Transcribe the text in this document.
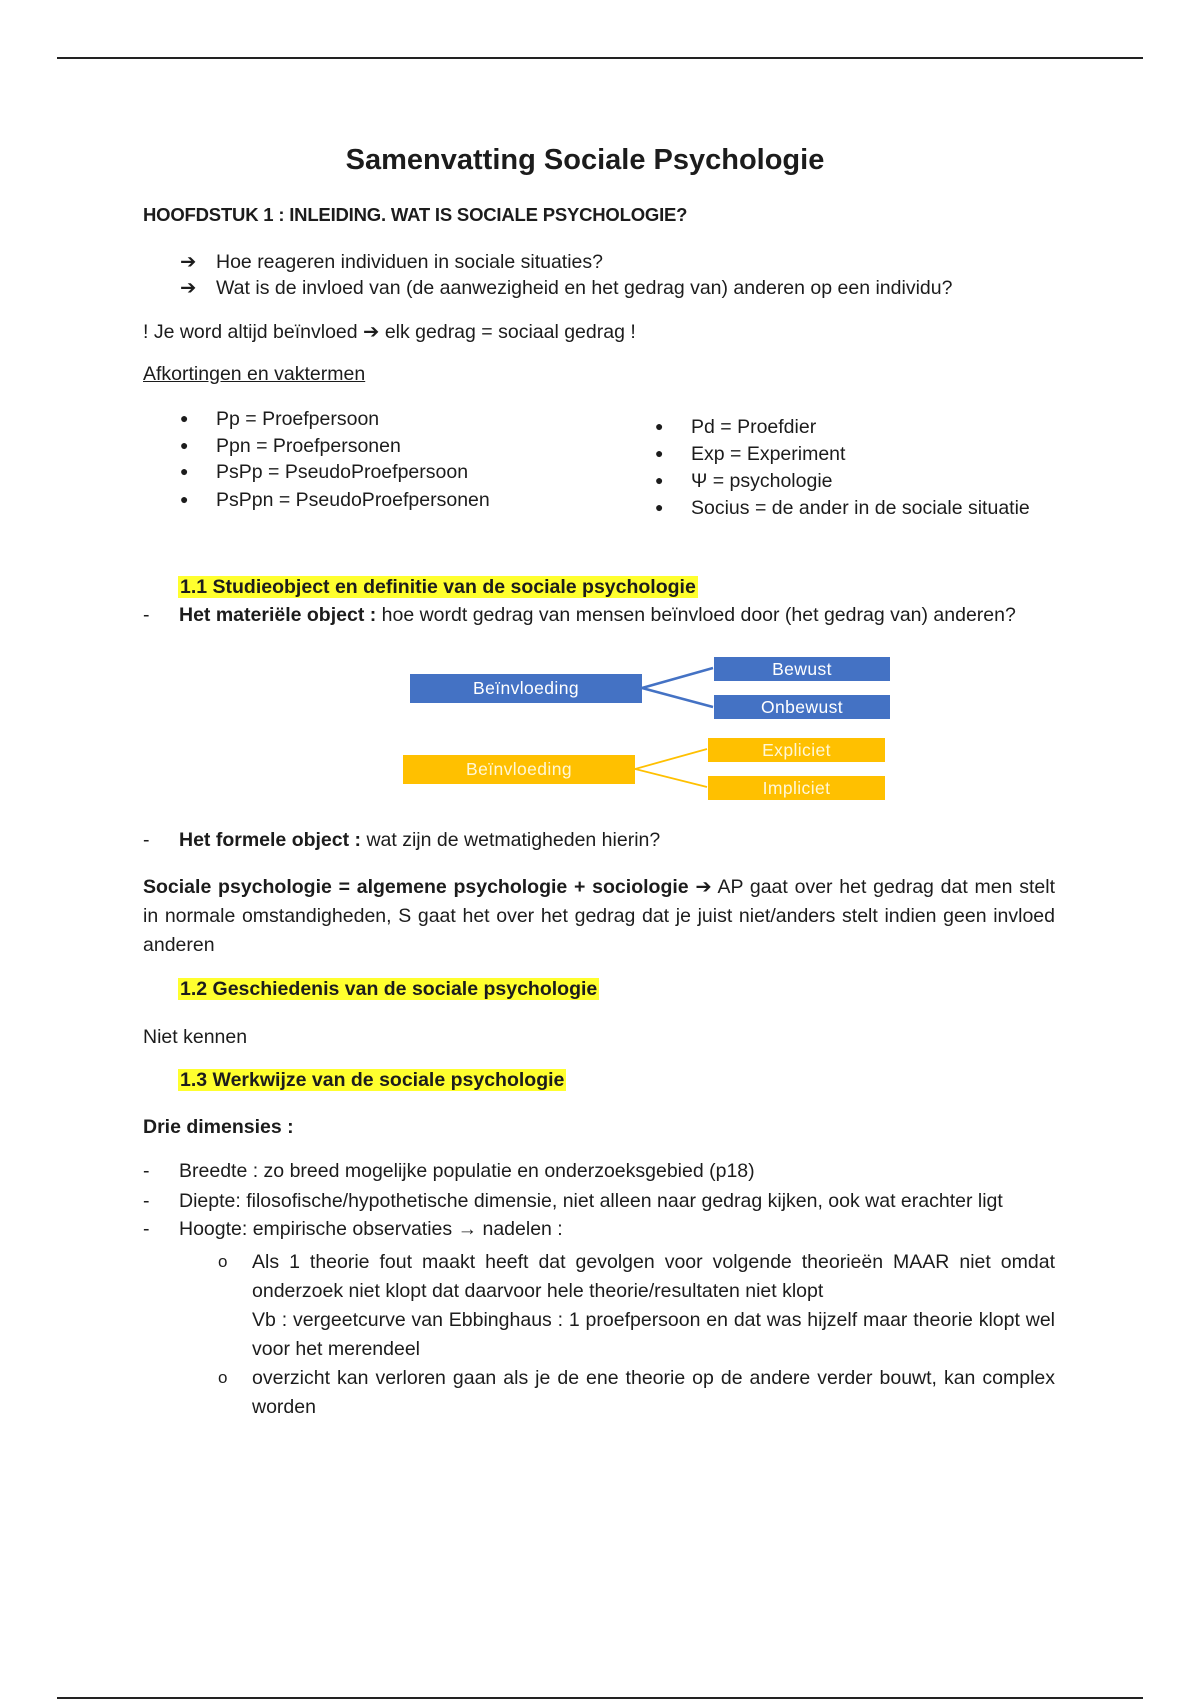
Samenvatting Sociale Psychologie
HOOFDSTUK 1 : INLEIDING. WAT IS SOCIALE PSYCHOLOGIE?
➔ Hoe reageren individuen in sociale situaties?
➔ Wat is de invloed van (de aanwezigheid en het gedrag van) anderen op een individu?
! Je word altijd beïnvloed ➔ elk gedrag = sociaal gedrag !
Afkortingen en vaktermen
● Pp = Proefpersoon
● Ppn = Proefpersonen
● PsPp = PseudoProefpersoon
● PsPpn = PseudoProefpersonen
● Pd = Proefdier
● Exp = Experiment
● Ψ = psychologie
● Socius = de ander in de sociale situatie
1.1 Studieobject en definitie van de sociale psychologie
- Het materiële object : hoe wordt gedrag van mensen beïnvloed door (het gedrag van) anderen?
Beïnvloeding
Bewust
Onbewust
Beïnvloeding
Expliciet
Impliciet
- Het formele object : wat zijn de wetmatigheden hierin?
Sociale psychologie = algemene psychologie + sociologie ➔ AP gaat over het gedrag dat men stelt in normale omstandigheden, S gaat het over het gedrag dat je juist niet/anders stelt indien geen invloed anderen
1.2 Geschiedenis van de sociale psychologie
Niet kennen
1.3 Werkwijze van de sociale psychologie
Drie dimensies :
- Breedte : zo breed mogelijke populatie en onderzoeksgebied (p18)
- Diepte: filosofische/hypothetische dimensie, niet alleen naar gedrag kijken, ook wat erachter ligt
- Hoogte: empirische observaties → nadelen :
o	Als 1 theorie fout maakt heeft dat gevolgen voor volgende theorieën MAAR niet omdat onderzoek niet klopt dat daarvoor hele theorie/resultaten niet klopt
Vb : vergeetcurve van Ebbinghaus : 1 proefpersoon en dat was hijzelf maar theorie klopt wel voor het merendeel
o	overzicht kan verloren gaan als je de ene theorie op de andere verder bouwt, kan complex worden
